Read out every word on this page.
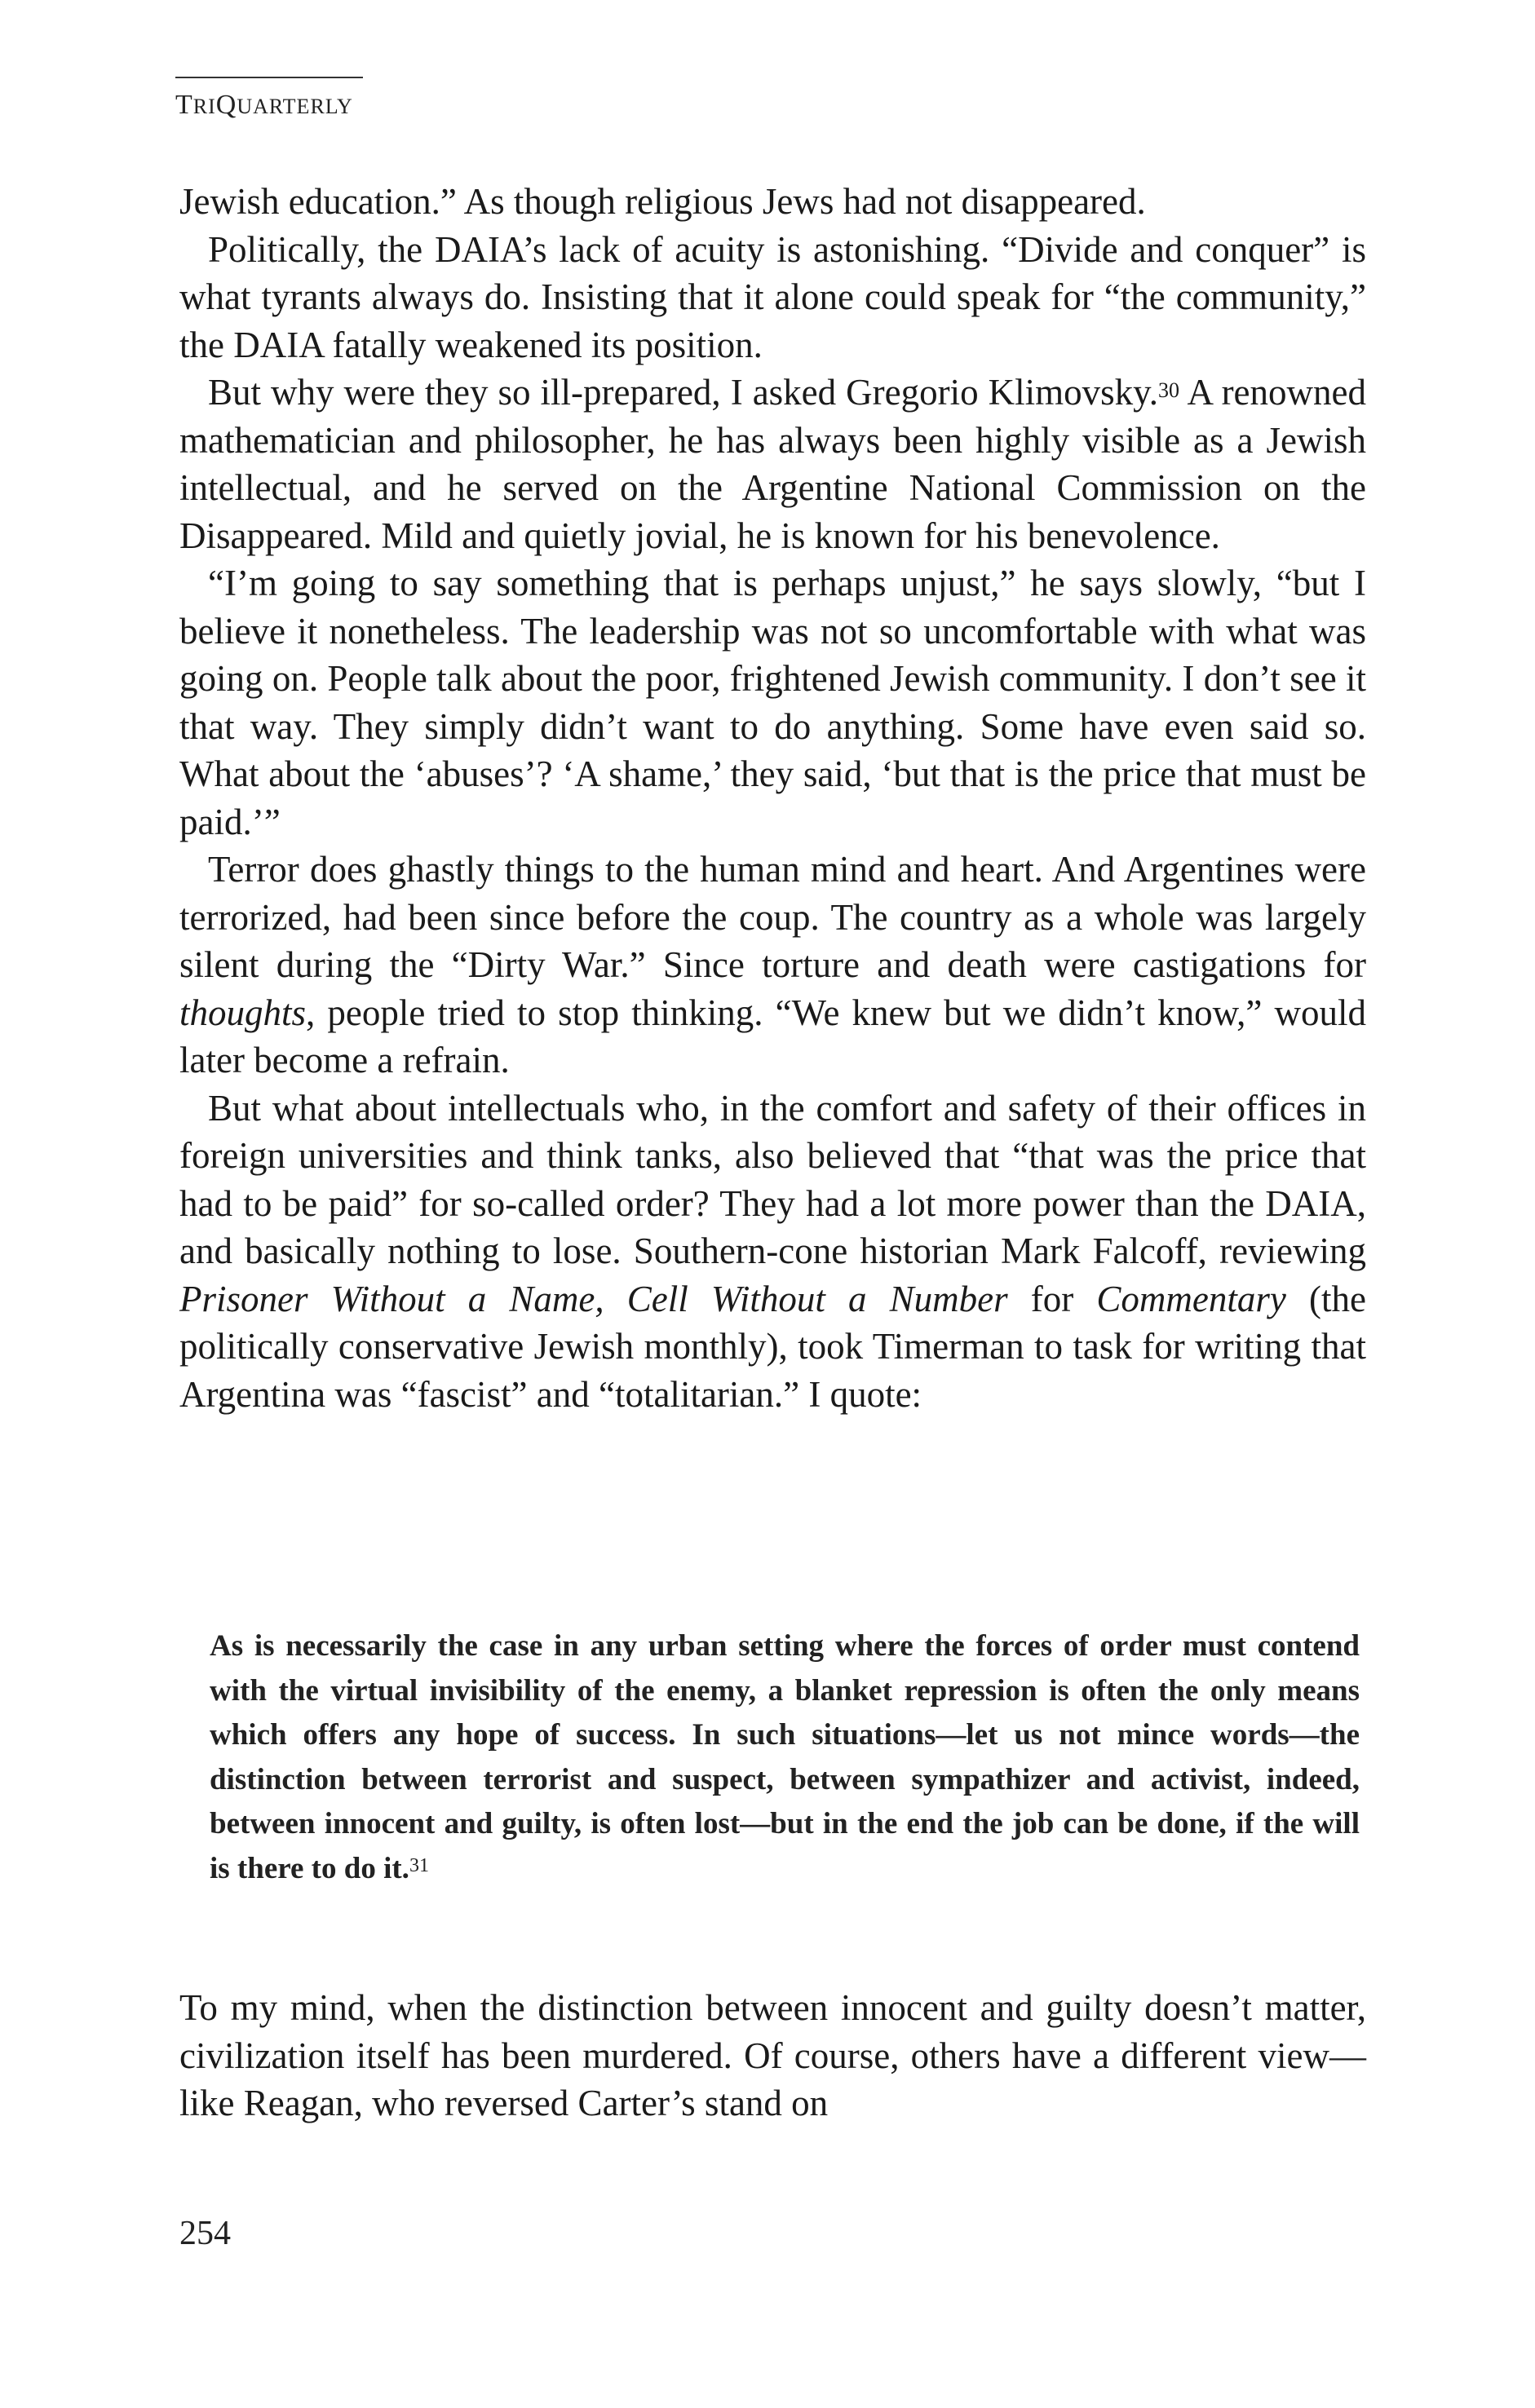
TRIQUARTERLY

Jewish education.” As though religious Jews had not disappeared.

Politically, the DAIA’s lack of acuity is astonishing. “Divide and conquer” is what tyrants always do. Insisting that it alone could speak for “the community,” the DAIA fatally weakened its position.

But why were they so ill-prepared, I asked Gregorio Klimovsky.$^{30}$ A renowned mathematician and philosopher, he has always been highly visible as a Jewish intellectual, and he served on the Argentine National Commission on the Disappeared. Mild and quietly jovial, he is known for his benevolence.

“I’m going to say something that is perhaps unjust,” he says slowly, “but I believe it nonetheless. The leadership was not so uncomfortable with what was going on. People talk about the poor, frightened Jewish community. I don’t see it that way. They simply didn’t want to do anything. Some have even said so. What about the ‘abuses’? ‘A shame,’ they said, ‘but that is the price that must be paid.’”

Terror does ghastly things to the human mind and heart. And Argentines were terrorized, had been since before the coup. The country as a whole was largely silent during the “Dirty War.” Since torture and death were castigations for thoughts, people tried to stop thinking. “We knew but we didn’t know,” would later become a refrain.

But what about intellectuals who, in the comfort and safety of their offices in foreign universities and think tanks, also believed that “that was the price that had to be paid” for so-called order? They had a lot more power than the DAIA, and basically nothing to lose. Southern-cone historian Mark Falcoff, reviewing Prisoner Without a Name, Cell Without a Number for Commentary (the politically conservative Jewish monthly), took Timerman to task for writing that Argentina was “fascist” and “totalitarian.” I quote:

As is necessarily the case in any urban setting where the forces of order must contend with the virtual invisibility of the enemy, a blanket repression is often the only means which offers any hope of success. In such situations—let us not mince words—the distinction between terrorist and suspect, between sympathizer and activist, indeed, between innocent and guilty, is often lost—but in the end the job can be done, if the will is there to do it.$^{31}$

To my mind, when the distinction between innocent and guilty doesn’t matter, civilization itself has been murdered. Of course, others have a different view—like Reagan, who reversed Carter’s stand on

254
